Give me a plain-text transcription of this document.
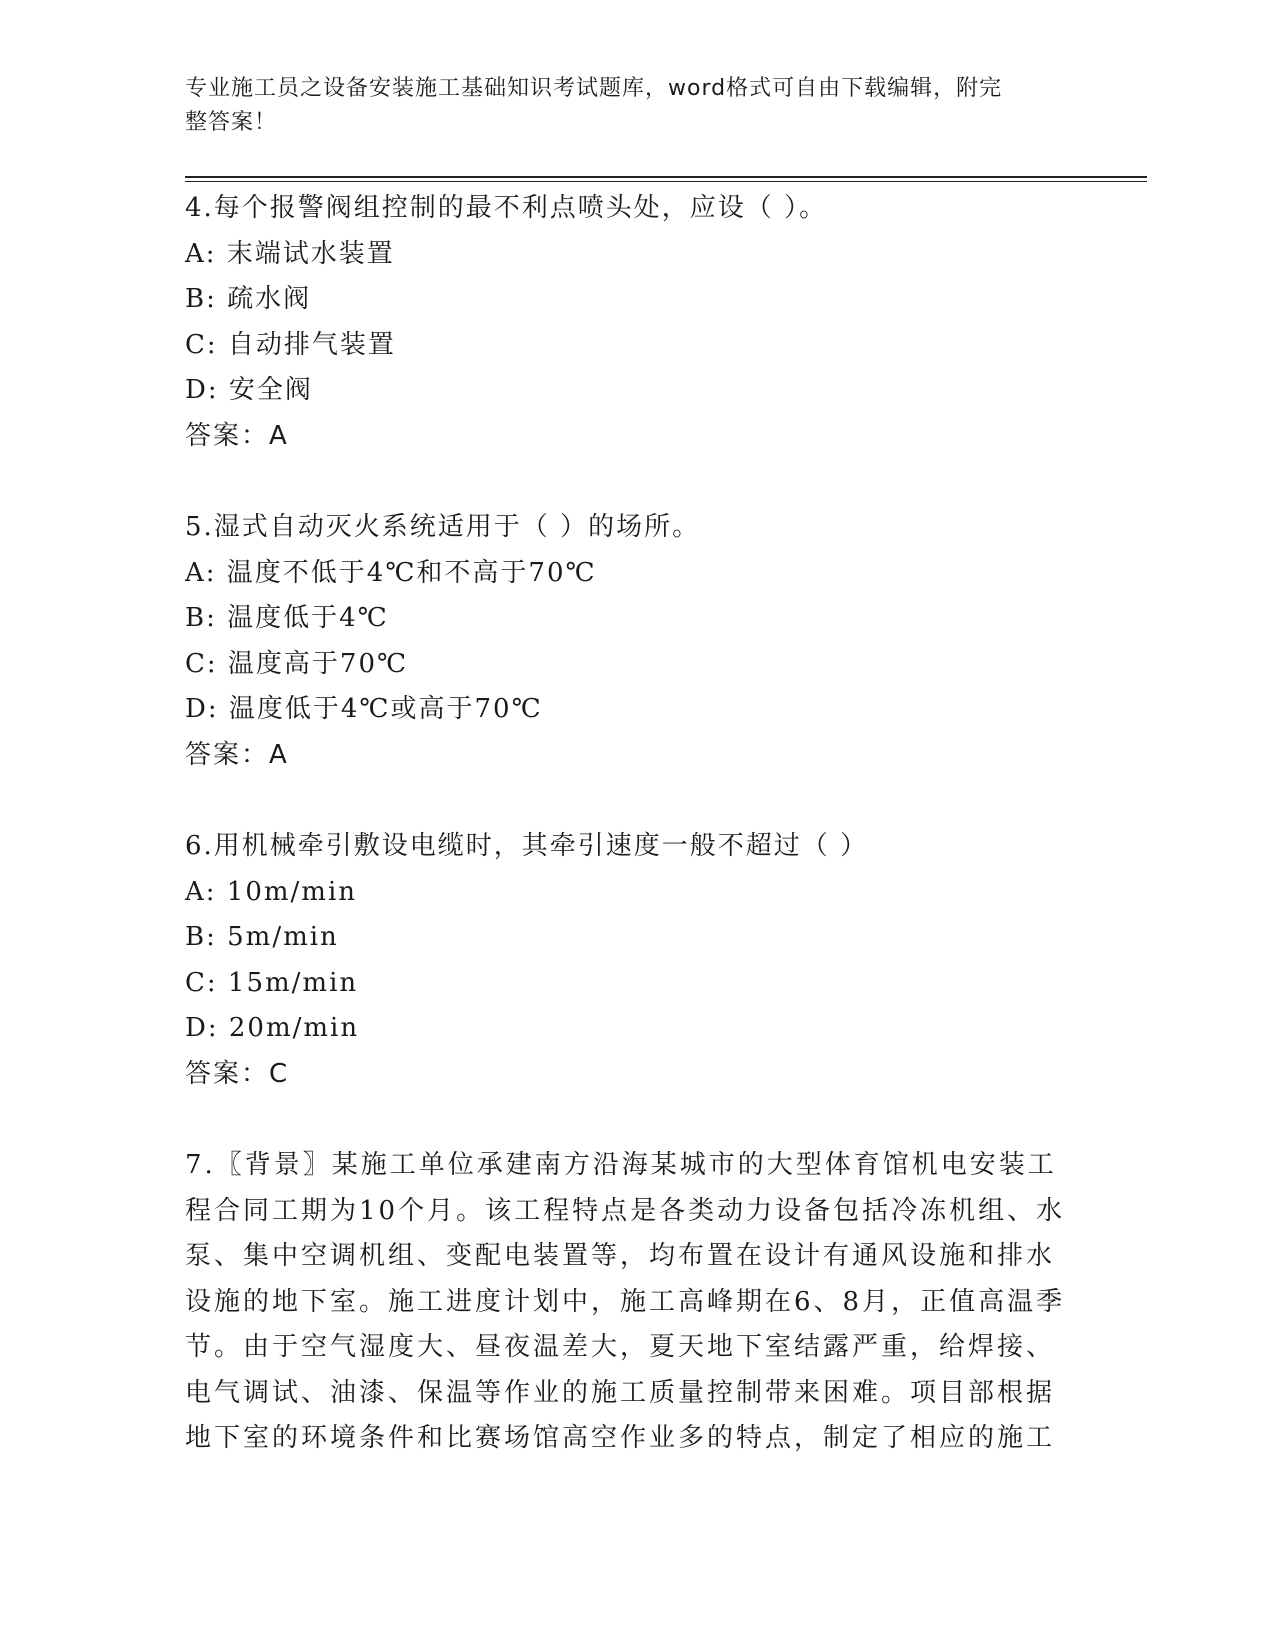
专业施工员之设备安装施工基础知识考试题库，word格式可自由下载编辑，附完
整答案！
4.每个报警阀组控制的最不利点喷头处，应设（ ）。
A: 末端试水装置
B: 疏水阀
C: 自动排气装置
D: 安全阀
答案：A
5.湿式自动灭火系统适用于（ ）的场所。
A: 温度不低于4℃和不高于70℃
B: 温度低于4℃
C: 温度高于70℃
D: 温度低于4℃或高于70℃
答案：A
6.用机械牵引敷设电缆时，其牵引速度一般不超过（ ）
A: 10m/min
B: 5m/min
C: 15m/min
D: 20m/min
答案：C
7.〖背景〗某施工单位承建南方沿海某城市的大型体育馆机电安装工
程合同工期为10个月。该工程特点是各类动力设备包括冷冻机组、水
泵、集中空调机组、变配电装置等，均布置在设计有通风设施和排水
设施的地下室。施工进度计划中，施工高峰期在6、8月，正值高温季
节。由于空气湿度大、昼夜温差大，夏天地下室结露严重，给焊接、
电气调试、油漆、保温等作业的施工质量控制带来困难。项目部根据
地下室的环境条件和比赛场馆高空作业多的特点，制定了相应的施工
